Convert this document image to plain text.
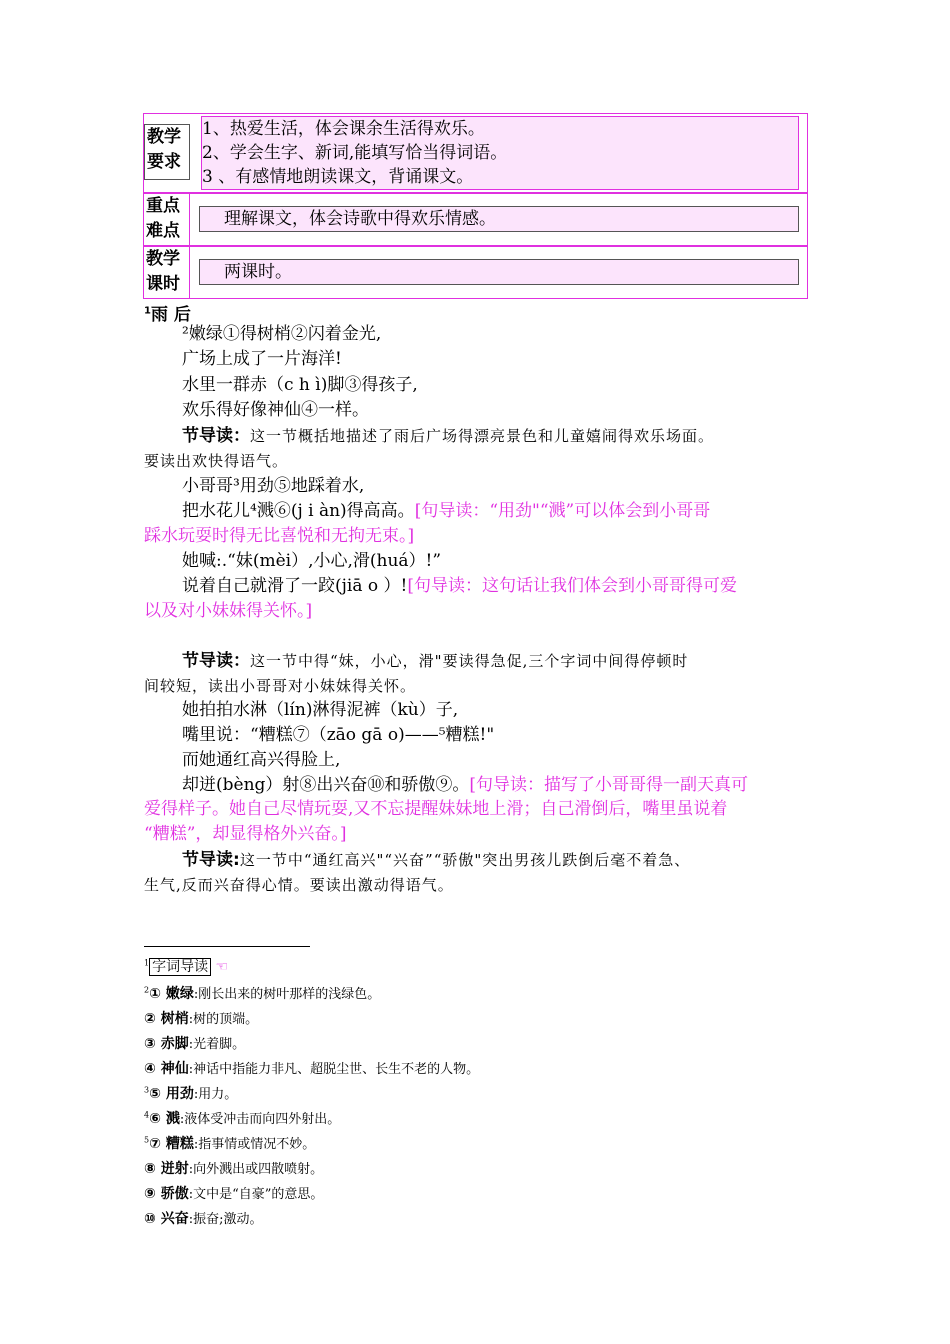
教学要求
1、热爱生活，体会课余生活得欢乐。
2、学会生字、新词,能填写恰当得词语。
3 、有感情地朗读课文，背诵课文。
重点难点
理解课文，体会诗歌中得欢乐情感。
教学课时
两课时。
$^1$雨 后
²嫩绿①得树梢②闪着金光,
广场上成了一片海洋!
水里一群赤（c h ì)脚③得孩子,
欢乐得好像神仙④一样。
节导读：这一节概括地描述了雨后广场得漂亮景色和儿童嬉闹得欢乐场面。
要读出欢快得语气。
小哥哥³用劲⑤地踩着水,
把水花儿⁴溅⑥(j i àn)得高高。[句导读：“用劲"“溅”可以体会到小哥哥
踩水玩耍时得无比喜悦和无拘无束。]
她喊:.“妹(mèi）,小心,滑(huá）!”
说着自己就滑了一跤(jiā o ）![句导读：这句话让我们体会到小哥哥得可爱
以及对小妹妹得关怀。]
节导读：这一节中得“妹，小心，滑"要读得急促,三个字词中间得停顿时
间较短，读出小哥哥对小妹妹得关怀。
她拍拍水淋（lín)淋得泥裤（kù）子,
嘴里说：“糟糕⑦（zāo gā o)——⁵糟糕!"
而她通红高兴得脸上,
却迸(bèng）射⑧出兴奋⑩和骄傲⑨。[句导读：描写了小哥哥得一副天真可
爱得样子。她自己尽情玩耍,又不忘提醒妹妹地上滑；自己滑倒后，嘴里虽说着
“糟糕”，却显得格外兴奋。]
节导读:这一节中“通红高兴"“兴奋”“骄傲"突出男孩儿跌倒后毫不着急、
生气,反而兴奋得心情。要读出激动得语气。
$^1$ 字词导读 ☜
$^2$① 嫩绿:刚长出来的树叶那样的浅绿色。
② 树梢:树的顶端。
③ 赤脚:光着脚。
④ 神仙:神话中指能力非凡、超脱尘世、长生不老的人物。
$^3$⑤ 用劲:用力。
$^4$⑥ 溅:液体受冲击而向四外射出。
$^5$⑦ 糟糕:指事情或情况不妙。
⑧ 迸射:向外溅出或四散喷射。
⑨ 骄傲:文中是“自豪”的意思。
⑩ 兴奋:振奋;激动。
